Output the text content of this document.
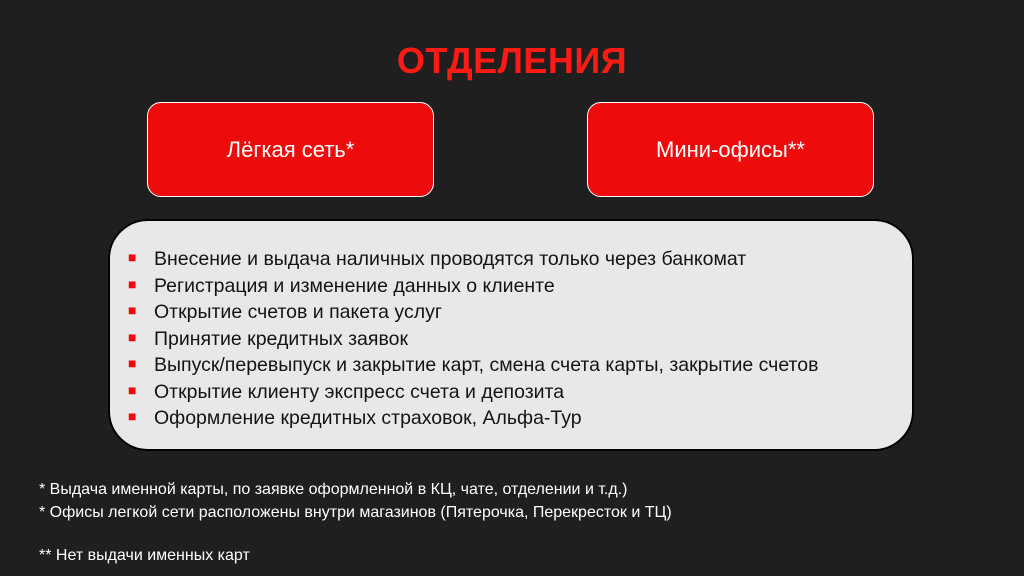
ОТДЕЛЕНИЯ
Лёгкая сеть*	Мини-офисы**
■ Внесение и выдача наличных проводятся только через банкомат
■ Регистрация и изменение данных о клиенте
■ Открытие счетов и пакета услуг
■ Принятие кредитных заявок
■ Выпуск/перевыпуск и закрытие карт, смена счета карты, закрытие счетов
■ Открытие клиенту экспресс счета и депозита
■ Оформление кредитных страховок, Альфа-Тур

* Выдача именной карты, по заявке оформленной в КЦ, чате, отделении и т.д.)

* Офисы легкой сети расположены внутри магазинов (Пятерочка, Перекресток и ТЦ)

** Нет выдачи именных карт
